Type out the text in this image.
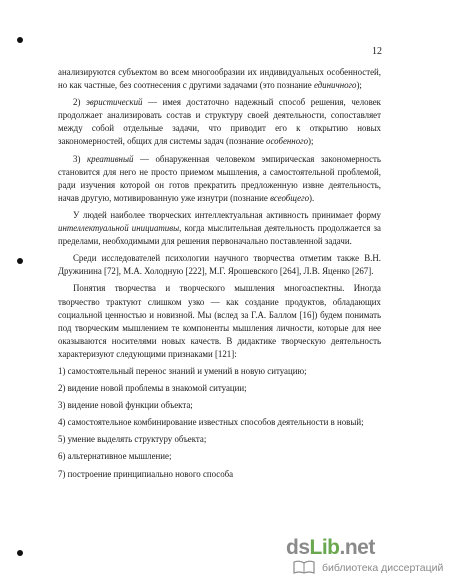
12

анализируются субъектом во всем многообразии их индивидуальных особенностей, но как частные, без соотнесения с другими задачами (это познание единичного);

2) эвристический — имея достаточно надежный способ решения, человек продолжает анализировать состав и структуру своей деятельности, сопоставляет между собой отдельные задачи, что приводит его к открытию новых закономерностей, общих для системы задач (познание особенного);

3) креативный — обнаруженная человеком эмпирическая закономерность становится для него не просто приемом мышления, а самостоятельной проблемой, ради изучения которой он готов прекратить предложенную извне деятельность, начав другую, мотивированную уже изнутри (познание всеобщего).

У людей наиболее творческих интеллектуальная активность принимает форму интеллектуальной инициативы, когда мыслительная деятельность продолжается за пределами, необходимыми для решения первоначально поставленной задачи.

Среди исследователей психологии научного творчества отметим также В.Н. Дружинина [72], М.А. Холодную [222], М.Г. Ярошевского [264], Л.В. Яценко [267].

Понятия творчества и творческого мышления многоаспектны. Иногда творчество трактуют слишком узко — как создание продуктов, обладающих социальной ценностью и новизной. Мы (вслед за Г.А. Баллом [16]) будем понимать под творческим мышлением те компоненты мышления личности, которые для нее оказываются носителями новых качеств. В дидактике творческую деятельность характеризуют следующими признаками [121]:

1) самостоятельный перенос знаний и умений в новую ситуацию;
2) видение новой проблемы в знакомой ситуации;
3) видение новой функции объекта;
4) самостоятельное комбинирование известных способов деятельности в новый;
5) умение выделять структуру объекта;
6) альтернативное мышление;
7) построение принципиально нового способа
dsLib.net
библиотека диссертаций
